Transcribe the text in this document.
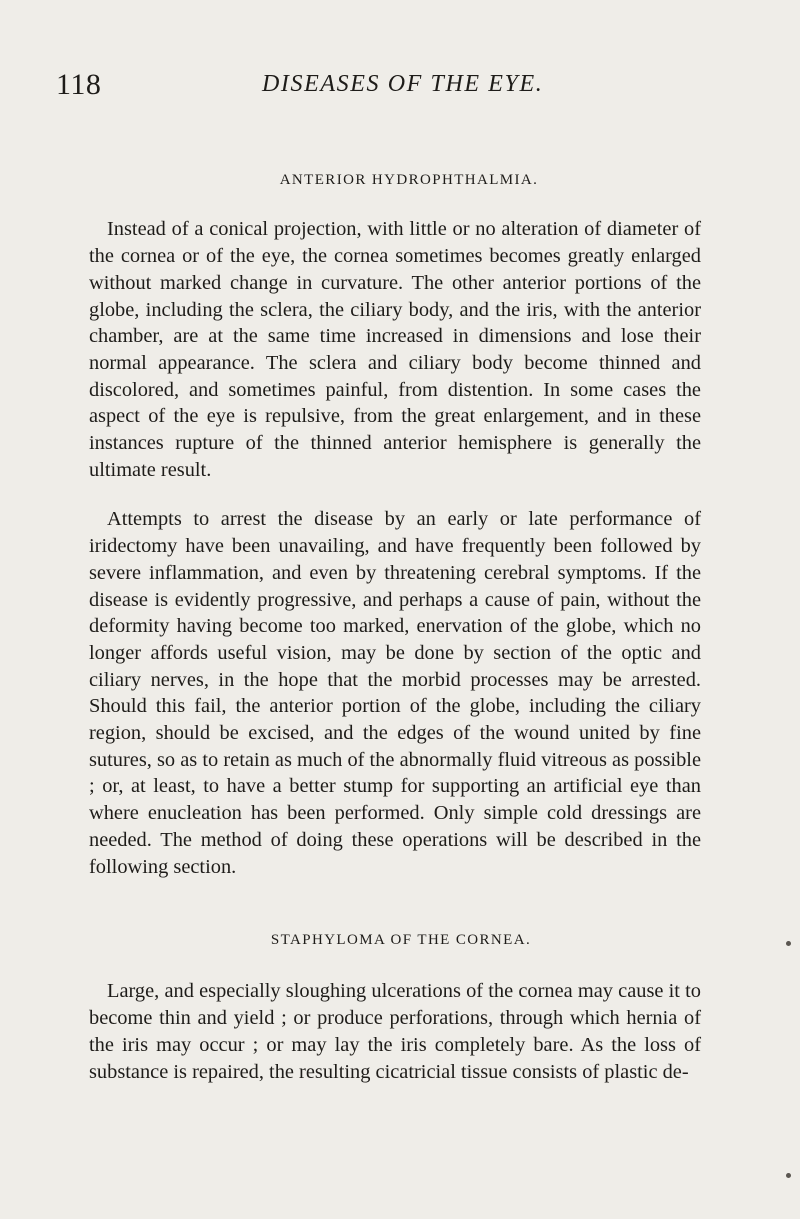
118	DISEASES OF THE EYE.
ANTERIOR HYDROPHTHALMIA.

Instead of a conical projection, with little or no alteration of diameter of the cornea or of the eye, the cornea sometimes becomes greatly enlarged without marked change in curvature. The other anterior portions of the globe, including the sclera, the ciliary body, and the iris, with the anterior chamber, are at the same time increased in dimensions and lose their normal appearance. The sclera and ciliary body become thinned and discolored, and sometimes painful, from distention. In some cases the aspect of the eye is repulsive, from the great enlargement, and in these instances rupture of the thinned anterior hemisphere is generally the ultimate result.

Attempts to arrest the disease by an early or late performance of iridectomy have been unavailing, and have frequently been followed by severe inflammation, and even by threatening cerebral symptoms. If the disease is evidently progressive, and perhaps a cause of pain, without the deformity having become too marked, enervation of the globe, which no longer affords useful vision, may be done by section of the optic and ciliary nerves, in the hope that the morbid processes may be arrested. Should this fail, the anterior portion of the globe, including the ciliary region, should be excised, and the edges of the wound united by fine sutures, so as to retain as much of the abnormally fluid vitreous as possible ; or, at least, to have a better stump for supporting an artificial eye than where enucleation has been performed. Only simple cold dressings are needed. The method of doing these operations will be described in the following section.

STAPHYLOMA OF THE CORNEA.

Large, and especially sloughing ulcerations of the cornea may cause it to become thin and yield ; or produce perforations, through which hernia of the iris may occur ; or may lay the iris completely bare. As the loss of substance is repaired, the resulting cicatricial tissue consists of plastic de-
